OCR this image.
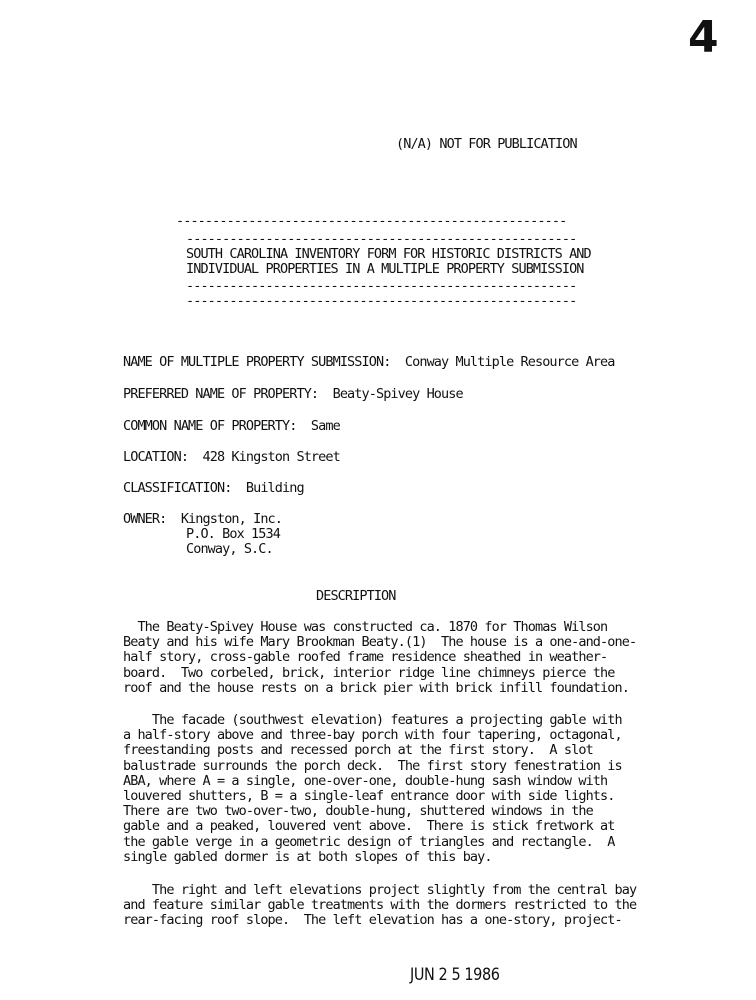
4
(N/A) NOT FOR PUBLICATION
------------------------------------------------------
------------------------------------------------------
SOUTH CAROLINA INVENTORY FORM FOR HISTORIC DISTRICTS AND
INDIVIDUAL PROPERTIES IN A MULTIPLE PROPERTY SUBMISSION
------------------------------------------------------
------------------------------------------------------
NAME OF MULTIPLE PROPERTY SUBMISSION:  Conway Multiple Resource Area
PREFERRED NAME OF PROPERTY:  Beaty-Spivey House
COMMON NAME OF PROPERTY:  Same
LOCATION:  428 Kingston Street
CLASSIFICATION:  Building
OWNER:  Kingston, Inc.
P.O. Box 1534
Conway, S.C.
DESCRIPTION
The Beaty-Spivey House was constructed ca. 1870 for Thomas Wilson
Beaty and his wife Mary Brookman Beaty.(1)  The house is a one-and-one-
half story, cross-gable roofed frame residence sheathed in weather-
board.  Two corbeled, brick, interior ridge line chimneys pierce the
roof and the house rests on a brick pier with brick infill foundation.
The facade (southwest elevation) features a projecting gable with
a half-story above and three-bay porch with four tapering, octagonal,
freestanding posts and recessed porch at the first story.  A slot
balustrade surrounds the porch deck.  The first story fenestration is
ABA, where A = a single, one-over-one, double-hung sash window with
louvered shutters, B = a single-leaf entrance door with side lights.
There are two two-over-two, double-hung, shuttered windows in the
gable and a peaked, louvered vent above.  There is stick fretwork at
the gable verge in a geometric design of triangles and rectangle.  A
single gabled dormer is at both slopes of this bay.
The right and left elevations project slightly from the central bay
and feature similar gable treatments with the dormers restricted to the
rear-facing roof slope.  The left elevation has a one-story, project-
JUN 2 5 1986
